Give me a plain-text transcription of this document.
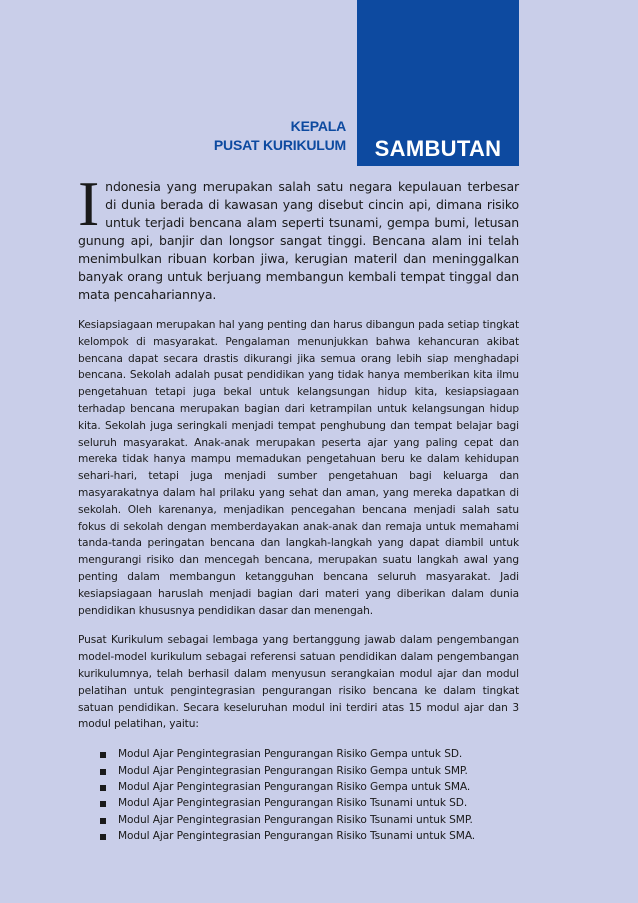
SAMBUTAN
KEPALA
PUSAT KURIKULUM

Indonesia yang merupakan salah satu negara kepulauan terbesar di dunia berada di kawasan yang disebut cincin api, dimana risiko untuk terjadi bencana alam seperti tsunami, gempa bumi, letusan gunung api, banjir dan longsor sangat tinggi. Bencana alam ini telah menimbulkan ribuan korban jiwa, kerugian materil dan meninggalkan banyak orang untuk berjuang membangun kembali tempat tinggal dan mata pencahariannya.

Kesiapsiagaan merupakan hal yang penting dan harus dibangun pada setiap tingkat kelompok di masyarakat. Pengalaman menunjukkan bahwa kehancuran akibat bencana dapat secara drastis dikurangi jika semua orang lebih siap menghadapi bencana. Sekolah adalah pusat pendidikan yang tidak hanya memberikan kita ilmu pengetahuan tetapi juga bekal untuk kelangsungan hidup kita, kesiapsiagaan terhadap bencana merupakan bagian dari ketrampilan untuk kelangsungan hidup kita. Sekolah juga seringkali menjadi tempat penghubung dan tempat belajar bagi seluruh masyarakat. Anak-anak merupakan peserta ajar yang paling cepat dan mereka tidak hanya mampu memadukan pengetahuan beru ke dalam kehidupan sehari-hari, tetapi juga menjadi sumber pengetahuan bagi keluarga dan masyarakatnya dalam hal prilaku yang sehat dan aman, yang mereka dapatkan di sekolah. Oleh karenanya, menjadikan pencegahan bencana menjadi salah satu fokus di sekolah dengan memberdayakan anak-anak dan remaja untuk memahami tanda-tanda peringatan bencana dan langkah-langkah yang dapat diambil untuk mengurangi risiko dan mencegah bencana, merupakan suatu langkah awal yang penting dalam membangun ketangguhan bencana seluruh masyarakat. Jadi kesiapsiagaan haruslah menjadi bagian dari materi yang diberikan dalam dunia pendidikan khususnya pendidikan dasar dan menengah.

Pusat Kurikulum sebagai lembaga yang bertanggung jawab dalam pengembangan model-model kurikulum sebagai referensi satuan pendidikan dalam pengembangan kurikulumnya, telah berhasil dalam menyusun serangkaian modul ajar dan modul pelatihan untuk pengintegrasian pengurangan risiko bencana ke dalam tingkat satuan pendidikan. Secara keseluruhan modul ini terdiri atas 15 modul ajar dan 3 modul pelatihan, yaitu:

Modul Ajar Pengintegrasian Pengurangan Risiko Gempa untuk SD.
Modul Ajar Pengintegrasian Pengurangan Risiko Gempa untuk SMP.
Modul Ajar Pengintegrasian Pengurangan Risiko Gempa untuk SMA.
Modul Ajar Pengintegrasian Pengurangan Risiko Tsunami untuk SD.
Modul Ajar Pengintegrasian Pengurangan Risiko Tsunami untuk SMP.
Modul Ajar Pengintegrasian Pengurangan Risiko Tsunami untuk SMA.
